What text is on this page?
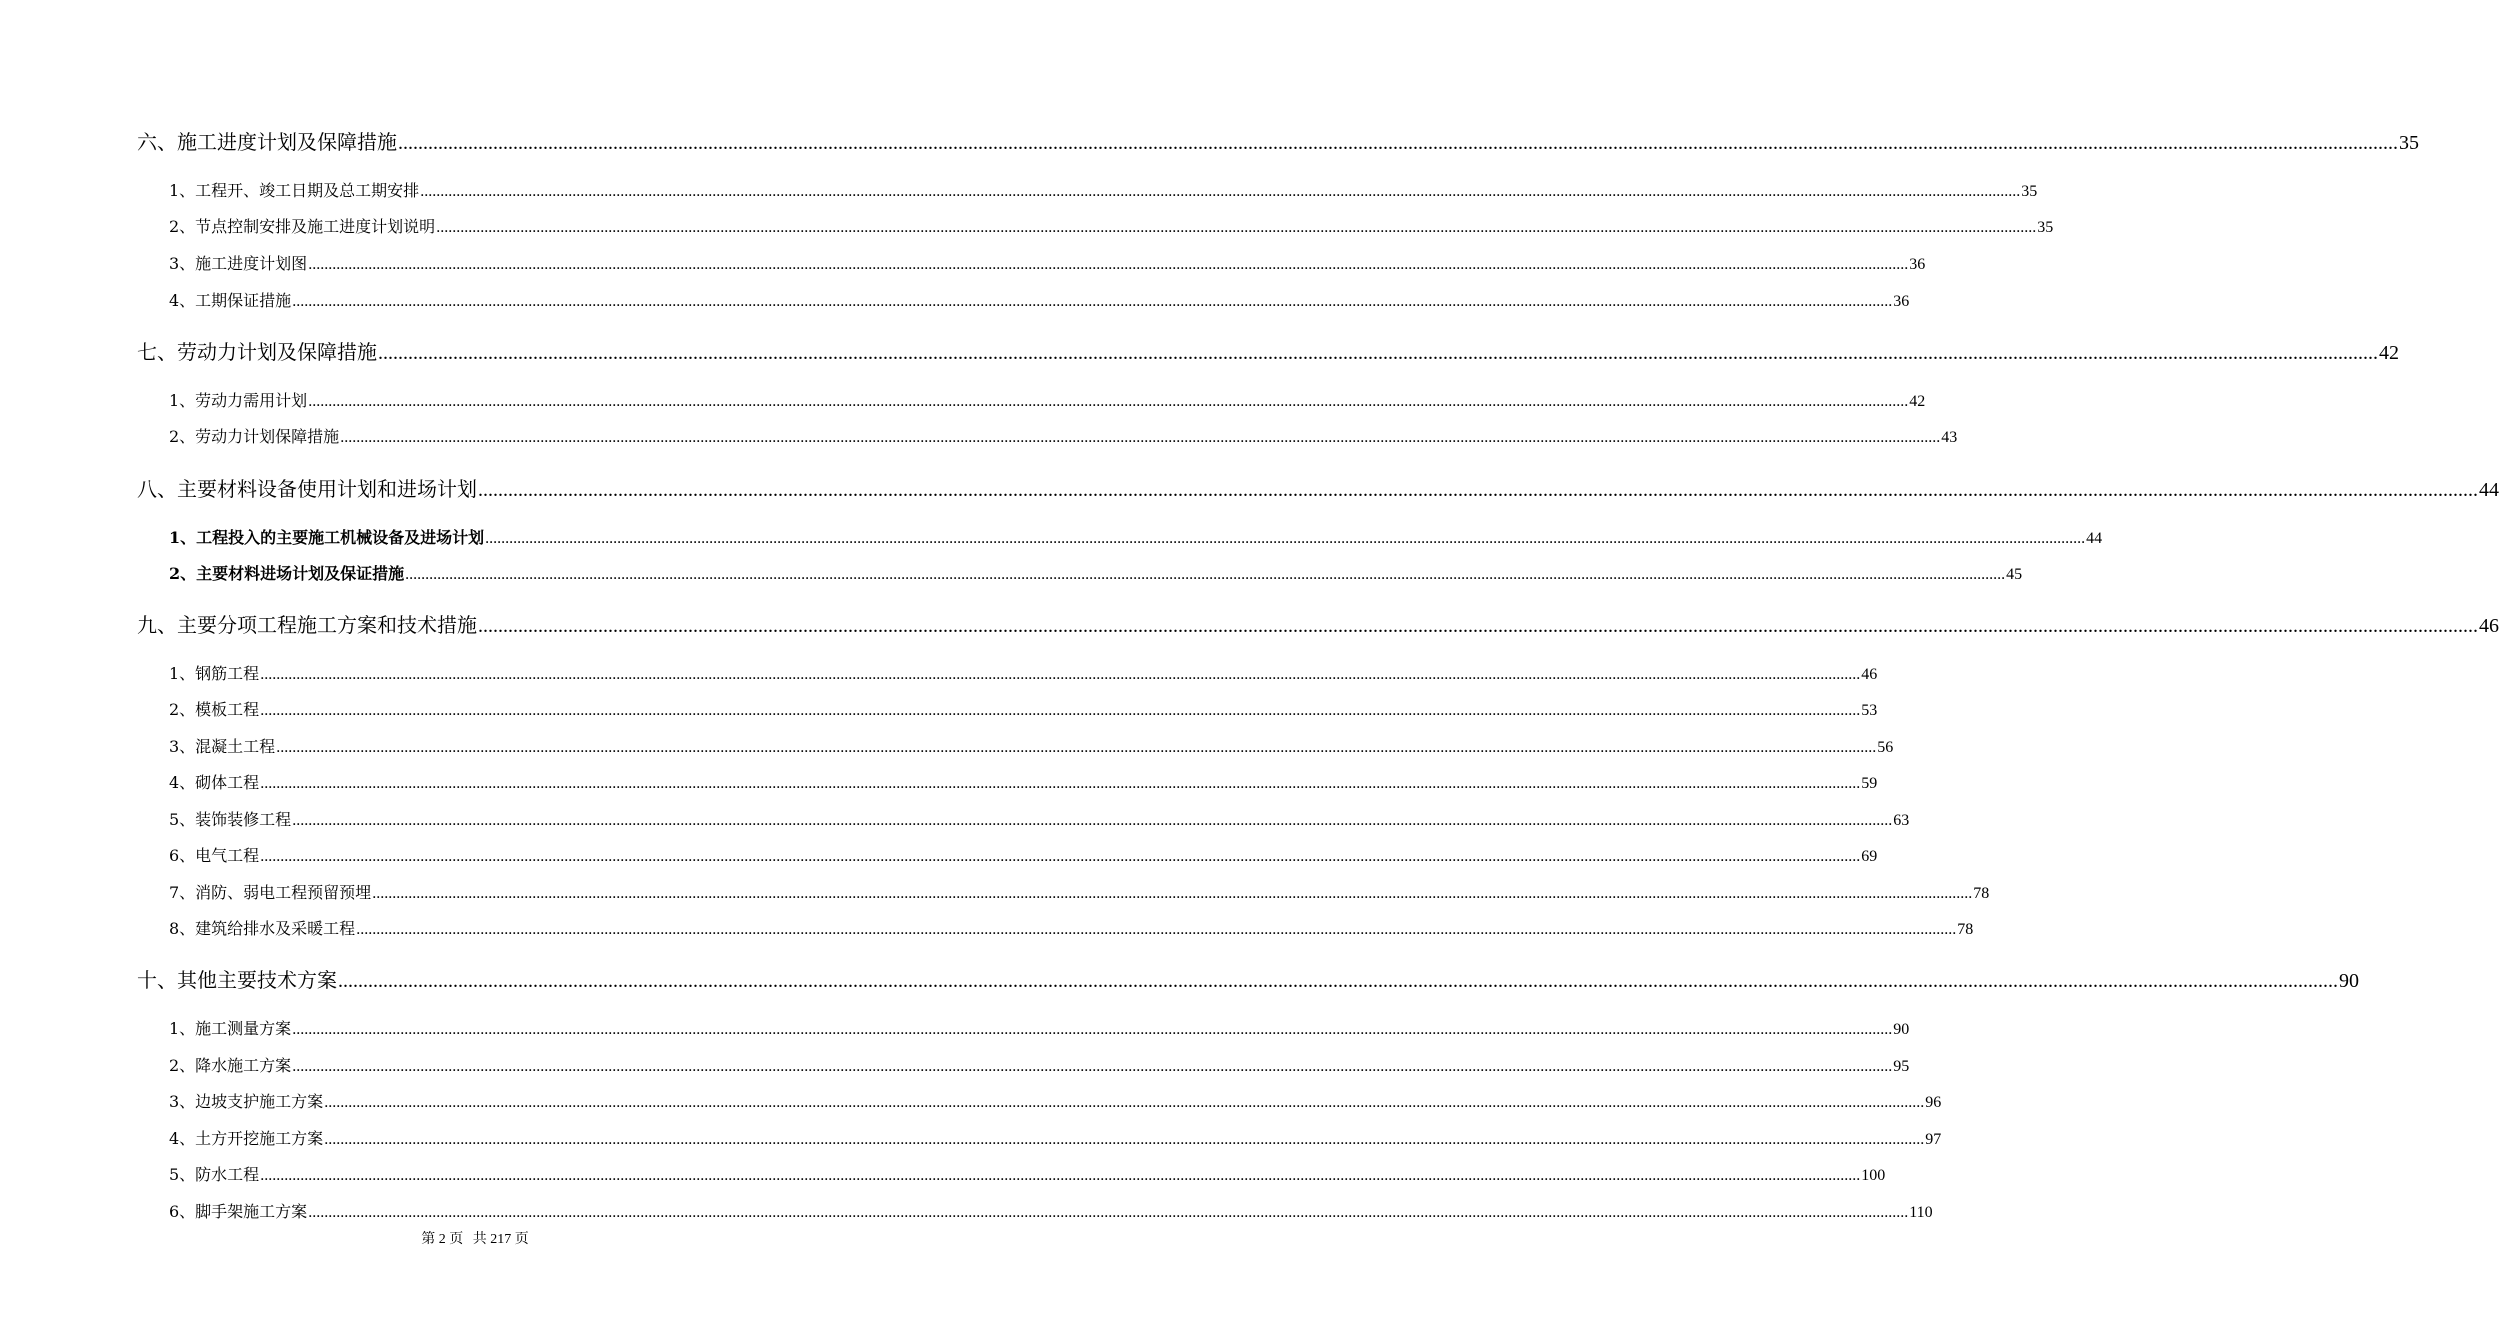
六、施工进度计划及保障措施 ................................................................................................................................................................................................................................................................................................................................................................................................................ 35
1、工程开、竣工日期及总工期安排 ................................................................................................................................................................................................................................................................................................................................................................................................................ 35
2、节点控制安排及施工进度计划说明 ................................................................................................................................................................................................................................................................................................................................................................................................................ 35
3、施工进度计划图 ................................................................................................................................................................................................................................................................................................................................................................................................................ 36
4、工期保证措施 ................................................................................................................................................................................................................................................................................................................................................................................................................ 36
七、劳动力计划及保障措施 ................................................................................................................................................................................................................................................................................................................................................................................................................ 42
1、劳动力需用计划 ................................................................................................................................................................................................................................................................................................................................................................................................................ 42
2、劳动力计划保障措施 ................................................................................................................................................................................................................................................................................................................................................................................................................ 43
八、主要材料设备使用计划和进场计划 ................................................................................................................................................................................................................................................................................................................................................................................................................ 44
1、工程投入的主要施工机械设备及进场计划 ................................................................................................................................................................................................................................................................................................................................................................................................................ 44
2、主要材料进场计划及保证措施 ................................................................................................................................................................................................................................................................................................................................................................................................................ 45
九、主要分项工程施工方案和技术措施 ................................................................................................................................................................................................................................................................................................................................................................................................................ 46
1、钢筋工程 ................................................................................................................................................................................................................................................................................................................................................................................................................ 46
2、模板工程 ................................................................................................................................................................................................................................................................................................................................................................................................................ 53
3、混凝土工程 ................................................................................................................................................................................................................................................................................................................................................................................................................ 56
4、砌体工程 ................................................................................................................................................................................................................................................................................................................................................................................................................ 59
5、装饰装修工程 ................................................................................................................................................................................................................................................................................................................................................................................................................ 63
6、电气工程 ................................................................................................................................................................................................................................................................................................................................................................................................................ 69
7、消防、弱电工程预留预埋 ................................................................................................................................................................................................................................................................................................................................................................................................................ 78
8、建筑给排水及采暖工程 ................................................................................................................................................................................................................................................................................................................................................................................................................ 78
十、其他主要技术方案 ................................................................................................................................................................................................................................................................................................................................................................................................................ 90
1、施工测量方案 ................................................................................................................................................................................................................................................................................................................................................................................................................ 90
2、降水施工方案 ................................................................................................................................................................................................................................................................................................................................................................................................................ 95
3、边坡支护施工方案 ................................................................................................................................................................................................................................................................................................................................................................................................................ 96
4、土方开挖施工方案 ................................................................................................................................................................................................................................................................................................................................................................................................................ 97
5、防水工程 ................................................................................................................................................................................................................................................................................................................................................................................................................ 100
6、脚手架施工方案 ................................................................................................................................................................................................................................................................................................................................................................................................................ 110
第 2 页 共 217 页
